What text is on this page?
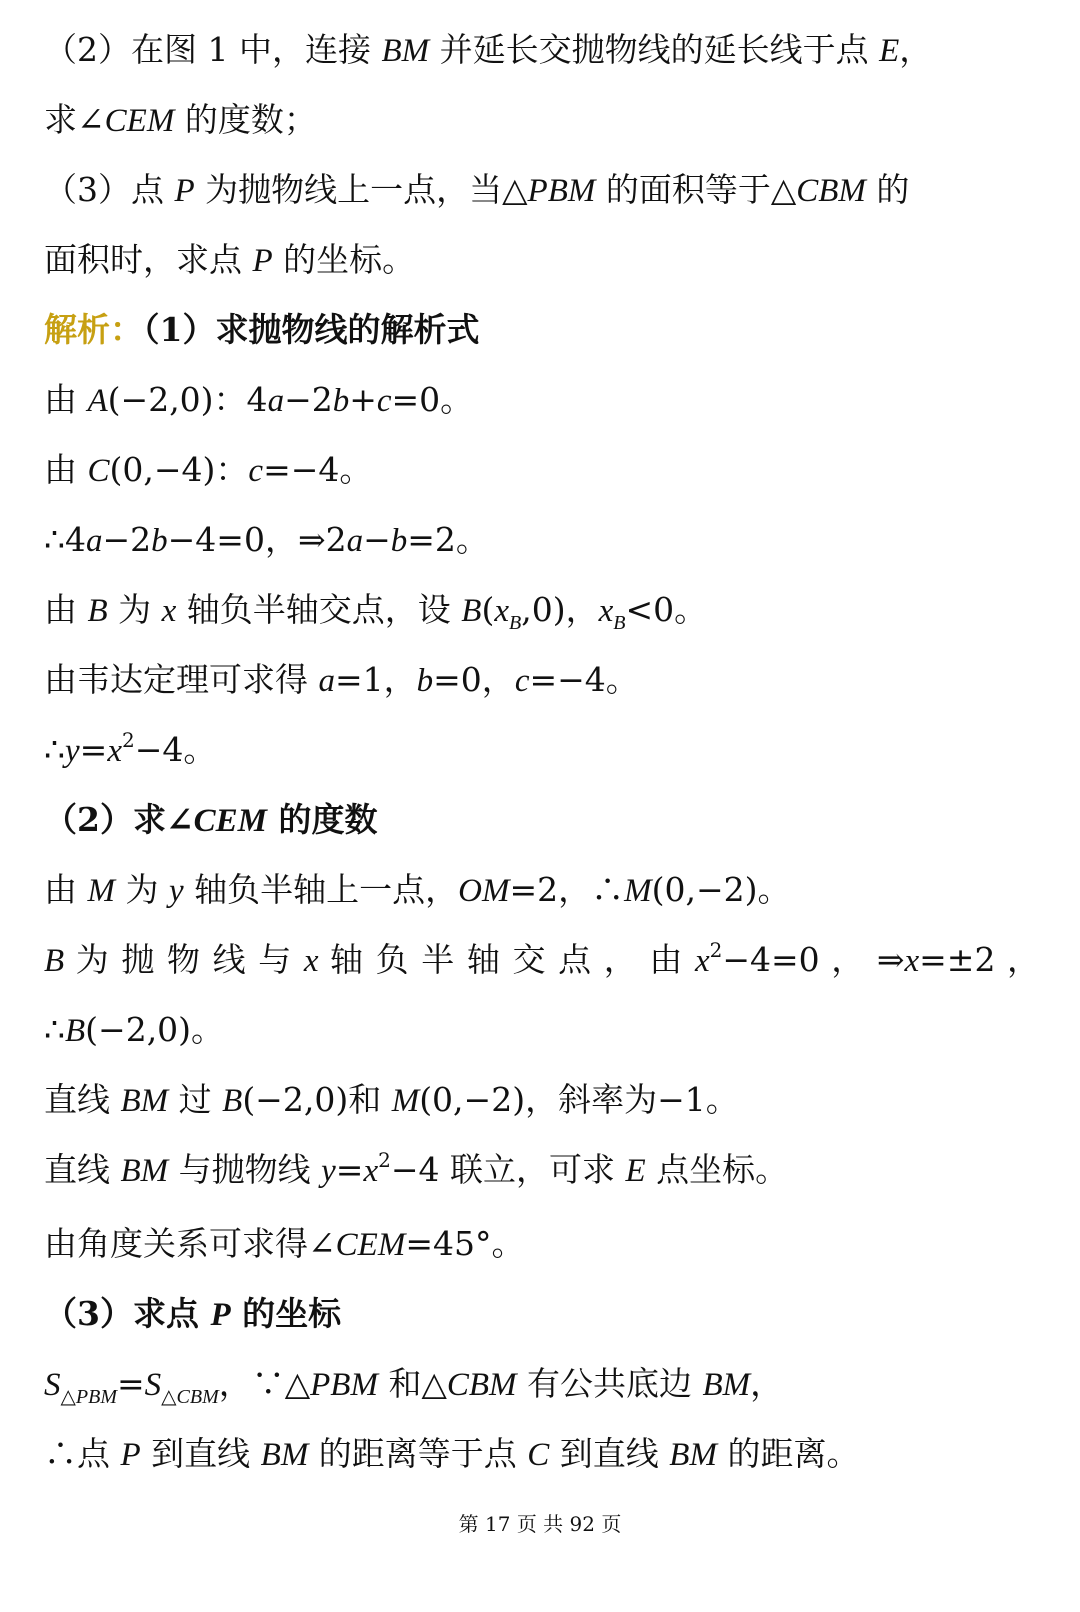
（2）在图 1 中，连接 BM 并延长交抛物线的延长线于点 E，
求∠CEM 的度数；
（3）点 P 为抛物线上一点，当△PBM 的面积等于△CBM 的
面积时，求点 P 的坐标。
解析：（1）求抛物线的解析式
由 A(−2,0)：4a−2b+c=0。
由 C(0,−4)：c=−4。
∴4a−2b−4=0，⇒2a−b=2。
由 B 为 x 轴负半轴交点，设 $B(x_B,0)$，$x_B<0$。
由韦达定理可求得 a=1，b=0，c=−4。
$\therefore y=x^2-4$。
（2）求∠CEM 的度数
由 M 为 y 轴负半轴上一点，OM=2，∴M(0,−2)。
B 为 抛 物 线 与 x 轴 负 半 轴 交 点 ， 由 $x^2-4=0$ ， ⇒x=±2 ，
∴B(−2,0)。
直线 BM 过 B(−2,0)和 M(0,−2)，斜率为−1。
直线 BM 与抛物线 $y=x^2-4$ 联立，可求 E 点坐标。
由角度关系可求得∠CEM=45°。
（3）求点 P 的坐标
$S_{\triangle PBM}=S_{\triangle CBM}$，∵△PBM 和△CBM 有公共底边 BM，
∴点 P 到直线 BM 的距离等于点 C 到直线 BM 的距离。
第 17 页 共 92 页
